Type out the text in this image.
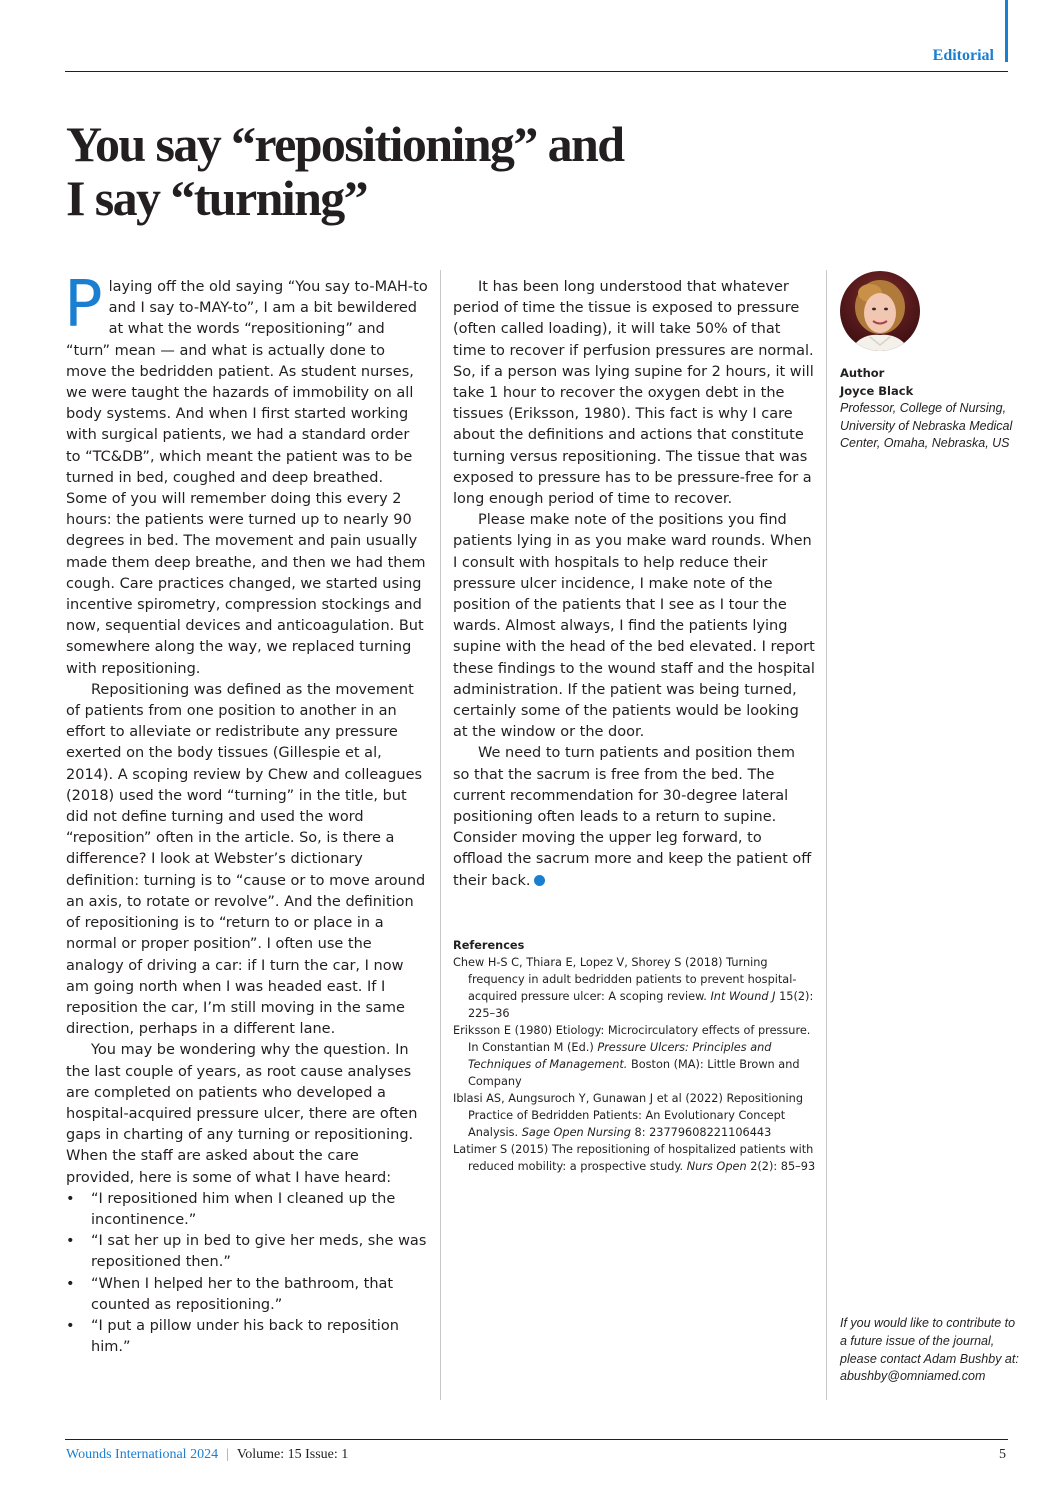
Editorial
You say “repositioning” and
I say “turning”

Playing off the old saying “You say to-MAH-to and I say to-MAY-to”, I am a bit bewildered at what the words “repositioning” and “turn” mean — and what is actually done to move the bedridden patient. As student nurses, we were taught the hazards of immobility on all body systems. And when I first started working with surgical patients, we had a standard order to “TC&DB”, which meant the patient was to be turned in bed, coughed and deep breathed. Some of you will remember doing this every 2 hours: the patients were turned up to nearly 90 degrees in bed. The movement and pain usually made them deep breathe, and then we had them cough. Care practices changed, we started using incentive spirometry, compression stockings and now, sequential devices and anticoagulation. But somewhere along the way, we replaced turning with repositioning.

Repositioning was defined as the movement of patients from one position to another in an effort to alleviate or redistribute any pressure exerted on the body tissues (Gillespie et al, 2014). A scoping review by Chew and colleagues (2018) used the word “turning” in the title, but did not define turning and used the word “reposition” often in the article. So, is there a difference? I look at Webster’s dictionary definition: turning is to “cause or to move around an axis, to rotate or revolve”. And the definition of repositioning is to “return to or place in a normal or proper position”. I often use the analogy of driving a car: if I turn the car, I now am going north when I was headed east. If I reposition the car, I’m still moving in the same direction, perhaps in a different lane.

You may be wondering why the question. In the last couple of years, as root cause analyses are completed on patients who developed a hospital-acquired pressure ulcer, there are often gaps in charting of any turning or repositioning. When the staff are asked about the care provided, here is some of what I have heard:

• “I repositioned him when I cleaned up the incontinence.”
• “I sat her up in bed to give her meds, she was repositioned then.”
• “When I helped her to the bathroom, that counted as repositioning.”
• “I put a pillow under his back to reposition him.”

It has been long understood that whatever period of time the tissue is exposed to pressure (often called loading), it will take 50% of that time to recover if perfusion pressures are normal. So, if a person was lying supine for 2 hours, it will take 1 hour to recover the oxygen debt in the tissues (Eriksson, 1980). This fact is why I care about the definitions and actions that constitute turning versus repositioning. The tissue that was exposed to pressure has to be pressure-free for a long enough period of time to recover.

Please make note of the positions you find patients lying in as you make ward rounds. When I consult with hospitals to help reduce their pressure ulcer incidence, I make note of the position of the patients that I see as I tour the wards. Almost always, I find the patients lying supine with the head of the bed elevated. I report these findings to the wound staff and the hospital administration. If the patient was being turned, certainly some of the patients would be looking at the window or the door.

We need to turn patients and position them so that the sacrum is free from the bed. The current recommendation for 30-degree lateral positioning often leads to a return to supine. Consider moving the upper leg forward, to offload the sacrum more and keep the patient off their back.

References

Chew H-S C, Thiara E, Lopez V, Shorey S (2018) Turning frequency in adult bedridden patients to prevent hospital-acquired pressure ulcer: A scoping review. Int Wound J 15(2): 225–36

Eriksson E (1980) Etiology: Microcirculatory effects of pressure. In Constantian M (Ed.) Pressure Ulcers: Principles and Techniques of Management. Boston (MA): Little Brown and Company

Iblasi AS, Aungsuroch Y, Gunawan J et al (2022) Repositioning Practice of Bedridden Patients: An Evolutionary Concept Analysis. Sage Open Nursing 8: 23779608221106443

Latimer S (2015) The repositioning of hospitalized patients with reduced mobility: a prospective study. Nurs Open 2(2): 85–93

Author

Joyce Black

Professor, College of Nursing, University of Nebraska Medical Center, Omaha, Nebraska, US

If you would like to contribute to a future issue of the journal, please contact Adam Bushby at:

abushby@omniamed.com

Wounds International 2024 | Volume: 15 Issue: 1	5
